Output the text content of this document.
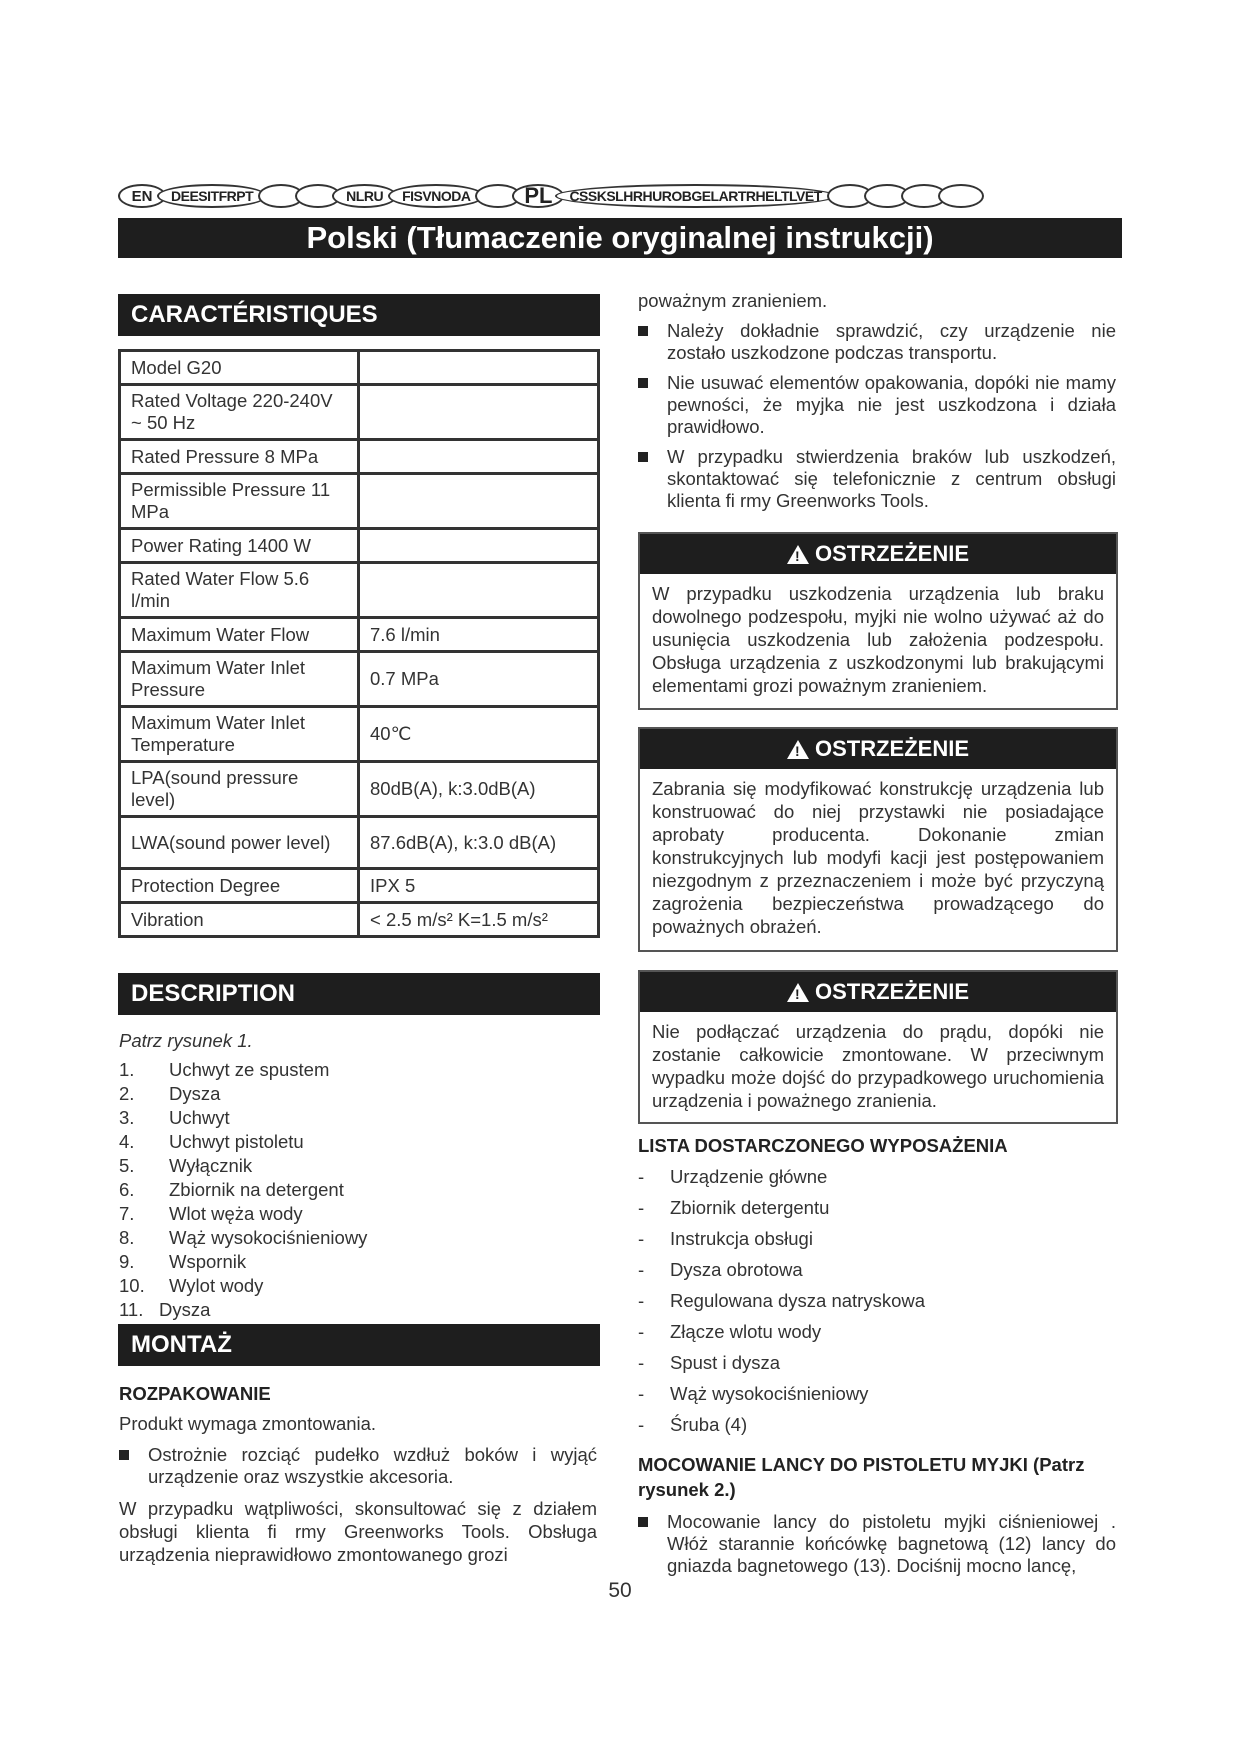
EN	DE ES IT FR PT	NL RU FI SV NO DA	PL	CS SK SL HR HU RO BG EL AR TR HE LT LV ET
Polski (Tłumaczenie oryginalnej instrukcji)
CARACTÉRISTIQUES
Model G20	
Rated Voltage 220-240V ~ 50 Hz	
Rated Pressure 8 MPa	
Permissible Pressure 11 MPa	
Power Rating 1400 W	
Rated Water Flow 5.6 l/min	
Maximum Water Flow	7.6 l/min
Maximum Water Inlet Pressure	0.7 MPa
Maximum Water Inlet Temperature	40℃
LPA(sound pressure level)	80dB(A), k:3.0dB(A)
LWA(sound power level)	87.6dB(A), k:3.0 dB(A)
Protection Degree	IPX 5
Vibration	< 2.5 m/s² K=1.5 m/s²
DESCRIPTION
Patrz rysunek 1.
1.	Uchwyt ze spustem
2.	Dysza
3.	Uchwyt
4.	Uchwyt pistoletu
5.	Wyłącznik
6.	Zbiornik na detergent
7.	Wlot węża wody
8.	Wąż wysokociśnieniowy
9.	Wspornik
10.	Wylot wody
11. Dysza
MONTAŻ
ROZPAKOWANIE
Produkt wymaga zmontowania.
Ostrożnie rozciąć pudełko wzdłuż boków i wyjąć urządzenie oraz wszystkie akcesoria.
W przypadku wątpliwości, skonsultować się z działem obsługi klienta fi rmy Greenworks Tools. Obsługa urządzenia nieprawidłowo zmontowanego grozi
poważnym zranieniem.
Należy dokładnie sprawdzić, czy urządzenie nie zostało uszkodzone podczas transportu.
Nie usuwać elementów opakowania, dopóki nie mamy pewności, że myjka nie jest uszkodzona i działa prawidłowo.
W przypadku stwierdzenia braków lub uszkodzeń, skontaktować się telefonicznie z centrum obsługi klienta fi rmy Greenworks Tools.
!
OSTRZEŻENIE
W przypadku uszkodzenia urządzenia lub braku dowolnego podzespołu, myjki nie wolno używać aż do usunięcia uszkodzenia lub założenia podzespołu. Obsługa urządzenia z uszkodzonymi lub brakującymi elementami grozi poważnym zranieniem.
!
OSTRZEŻENIE
Zabrania się modyfikować konstrukcję urządzenia lub konstruować do niej przystawki nie posiadające aprobaty producenta. Dokonanie zmian konstrukcyjnych lub modyfi kacji jest postępowaniem niezgodnym z przeznaczeniem i może być przyczyną zagrożenia bezpieczeństwa prowadzącego do poważnych obrażeń.
!
OSTRZEŻENIE
Nie podłączać urządzenia do prądu, dopóki nie zostanie całkowicie zmontowane. W przeciwnym wypadku może dojść do przypadkowego uruchomienia urządzenia i poważnego zranienia.
LISTA DOSTARCZONEGO WYPOSAŻENIA
-	Urządzenie główne
-	Zbiornik detergentu
-	Instrukcja obsługi
-	Dysza obrotowa
-	Regulowana dysza natryskowa
-	Złącze wlotu wody
-	Spust i dysza
-	Wąż wysokociśnieniowy
-	Śruba (4)
MOCOWANIE LANCY DO PISTOLETU MYJKI (Patrz rysunek 2.)
Mocowanie lancy do pistoletu myjki ciśnieniowej . Włóż starannie końcówkę bagnetową (12) lancy do gniazda bagnetowego (13). Dociśnij mocno lancę,
50
